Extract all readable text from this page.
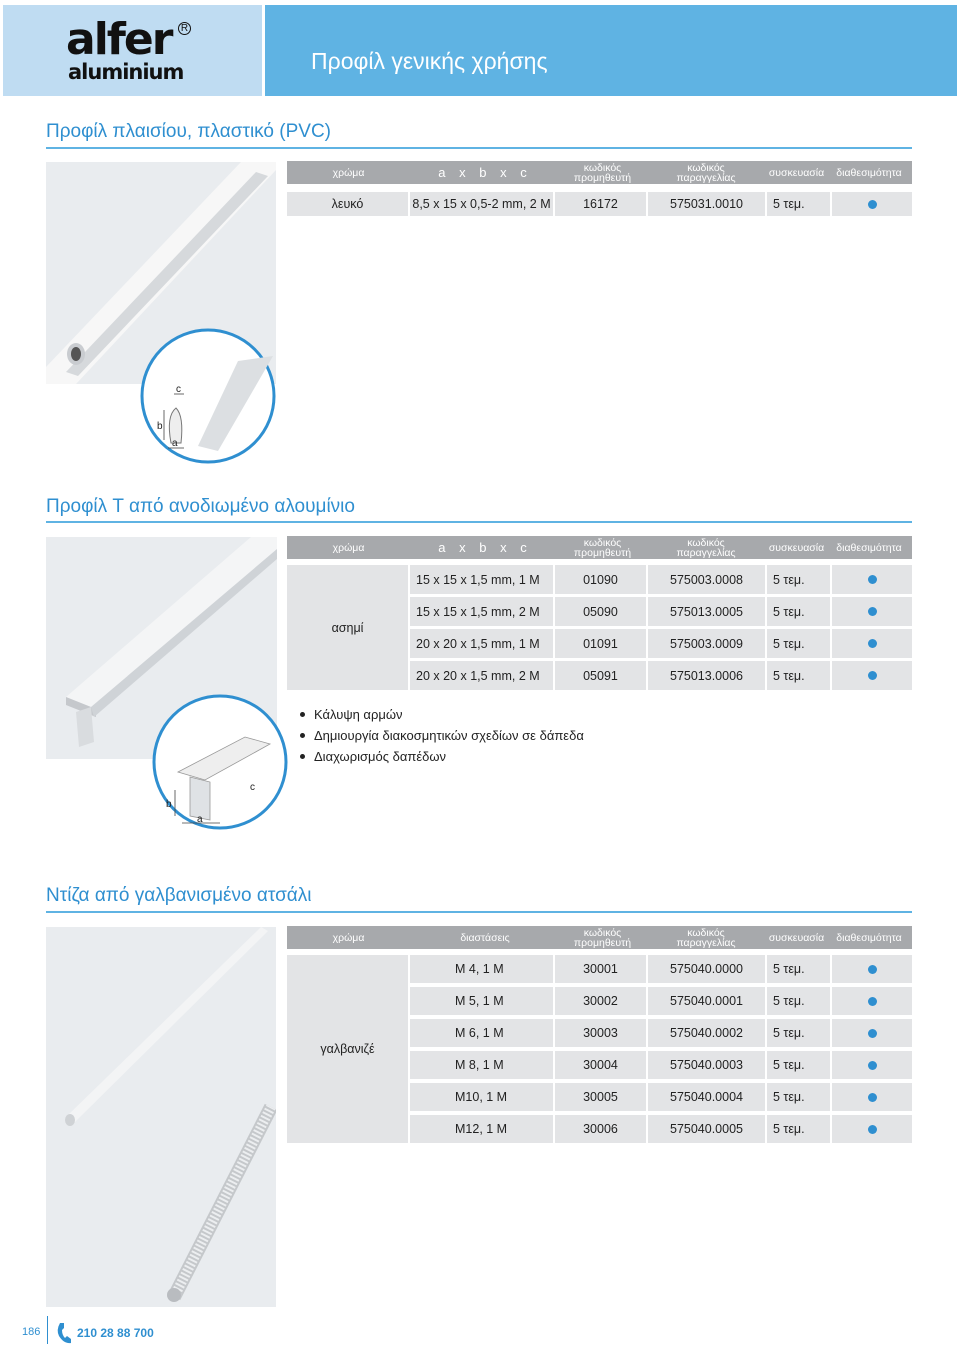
alfer R
aluminium	Προφίλ γενικής χρήσης
Προφίλ πλαισίου, πλαστικό (PVC)
b
a
c
χρώμα	a x b x c	κωδικός
προμηθευτή
κωδικός
παραγγελίας	συσκευασία	διαθεσιμότητα
λευκό	8,5 x 15 x 0,5-2 mm, 2 M	16172	575031.0010	5 τεμ.
Προφίλ T από ανοδιωμένο αλουμίνιο
b
a
c
χρώμα	a x b x c	κωδικός
προμηθευτή
κωδικός
παραγγελίας	συσκευασία	διαθεσιμότητα
ασημί
15 x 15 x 1,5 mm, 1 M	01090	575003.0008	5 τεμ.
15 x 15 x 1,5 mm, 2 M	05090	575013.0005	5 τεμ.
20 x 20 x 1,5 mm, 1 M	01091	575003.0009	5 τεμ.
20 x 20 x 1,5 mm, 2 M	05091	575013.0006	5 τεμ.
Κάλυψη αρμών
Δημιουργία διακοσμητικών σχεδίων σε δάπεδα
Διαχωρισμός δαπέδων
Ντίζα από γαλβανισμένο ατσάλι
χρώμα	διαστάσεις	κωδικός
προμηθευτή
κωδικός
παραγγελίας	συσκευασία	διαθεσιμότητα
γαλβανιζέ
M 4, 1 M	30001	575040.0000	5 τεμ.
M 5, 1 M	30002	575040.0001	5 τεμ.
M 6, 1 M	30003	575040.0002	5 τεμ.
M 8, 1 M	30004	575040.0003	5 τεμ.
M10, 1 M	30005	575040.0004	5 τεμ.
M12, 1 M	30006	575040.0005	5 τεμ.
186	210 28 88 700
